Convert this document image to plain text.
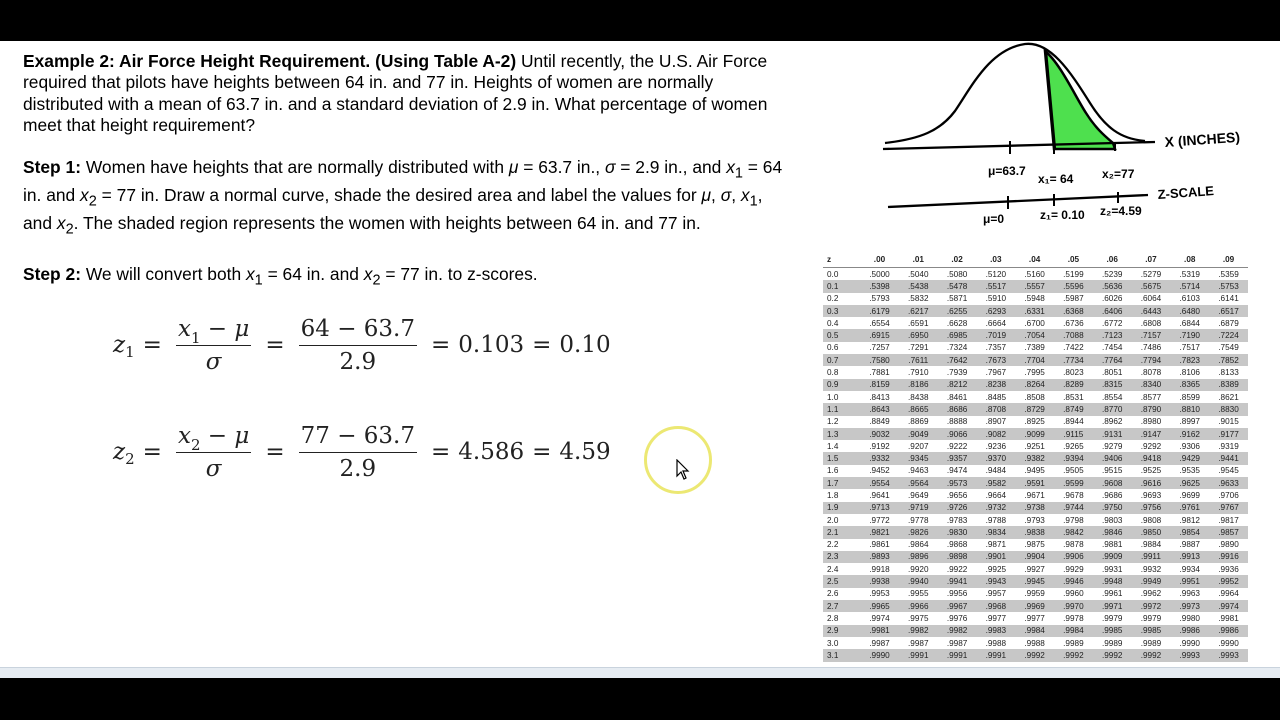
Example 2: Air Force Height Requirement. (Using Table A-2) Until recently, the U.S. Air Force required that pilots have heights between 64 in. and 77 in. Heights of women are normally distributed with a mean of 63.7 in. and a standard deviation of 2.9 in. What percentage of women meet that height requirement?

Step 1: Women have heights that are normally distributed with μ = 63.7 in., σ = 2.9 in., and $x_1 = 64$ in. and $x_2 = 77$ in. Draw a normal curve, shade the desired area and label the values for μ, σ, $x_1$, and $x_2$. The shaded region represents the women with heights between 64 in. and 77 in.

Step 2: We will convert both $x_1 = 64$ in. and $x_2 = 77$ in. to z-scores.

z $1 = \frac{x_1 - \mu}{\sigma} = \frac{64 - 63.7}{2.9} = 0.103 = 0.10$
z $2 = \frac{x_2 - \mu}{\sigma} = \frac{77 - 63.7}{2.9} = 4.586 = 4.59$
X (INCHES)
μ=63.7
x₁= 64 x₂=77
Z-SCALE
μ=0	z₁= 0.10 z₂=4.59
z	.00	.01	.02	.03	.04	.05	.06	.07	.08	.09
0.0	.5000	.5040	.5080	.5120	.5160	.5199	.5239	.5279	.5319	.5359
0.1	.5398	.5438	.5478	.5517	.5557	.5596	.5636	.5675	.5714	.5753
0.2	.5793	.5832	.5871	.5910	.5948	.5987	.6026	.6064	.6103	.6141
0.3	.6179	.6217	.6255	.6293	.6331	.6368	.6406	.6443	.6480	.6517
0.4	.6554	.6591	.6628	.6664	.6700	.6736	.6772	.6808	.6844	.6879
0.5	.6915	.6950	.6985	.7019	.7054	.7088	.7123	.7157	.7190	.7224
0.6	.7257	.7291	.7324	.7357	.7389	.7422	.7454	.7486	.7517	.7549
0.7	.7580	.7611	.7642	.7673	.7704	.7734	.7764	.7794	.7823	.7852
0.8	.7881	.7910	.7939	.7967	.7995	.8023	.8051	.8078	.8106	.8133
0.9	.8159	.8186	.8212	.8238	.8264	.8289	.8315	.8340	.8365	.8389
1.0	.8413	.8438	.8461	.8485	.8508	.8531	.8554	.8577	.8599	.8621
1.1	.8643	.8665	.8686	.8708	.8729	.8749	.8770	.8790	.8810	.8830
1.2	.8849	.8869	.8888	.8907	.8925	.8944	.8962	.8980	.8997	.9015
1.3	.9032	.9049	.9066	.9082	.9099	.9115	.9131	.9147	.9162	.9177
1.4	.9192	.9207	.9222	.9236	.9251	.9265	.9279	.9292	.9306	.9319
1.5	.9332	.9345	.9357	.9370	.9382	.9394	.9406	.9418	.9429	.9441
1.6	.9452	.9463	.9474	.9484	.9495	.9505	.9515	.9525	.9535	.9545
1.7	.9554	.9564	.9573	.9582	.9591	.9599	.9608	.9616	.9625	.9633
1.8	.9641	.9649	.9656	.9664	.9671	.9678	.9686	.9693	.9699	.9706
1.9	.9713	.9719	.9726	.9732	.9738	.9744	.9750	.9756	.9761	.9767
2.0	.9772	.9778	.9783	.9788	.9793	.9798	.9803	.9808	.9812	.9817
2.1	.9821	.9826	.9830	.9834	.9838	.9842	.9846	.9850	.9854	.9857
2.2	.9861	.9864	.9868	.9871	.9875	.9878	.9881	.9884	.9887	.9890
2.3	.9893	.9896	.9898	.9901	.9904	.9906	.9909	.9911	.9913	.9916
2.4	.9918	.9920	.9922	.9925	.9927	.9929	.9931	.9932	.9934	.9936
2.5	.9938	.9940	.9941	.9943	.9945	.9946	.9948	.9949	.9951	.9952
2.6	.9953	.9955	.9956	.9957	.9959	.9960	.9961	.9962	.9963	.9964
2.7	.9965	.9966	.9967	.9968	.9969	.9970	.9971	.9972	.9973	.9974
2.8	.9974	.9975	.9976	.9977	.9977	.9978	.9979	.9979	.9980	.9981
2.9	.9981	.9982	.9982	.9983	.9984	.9984	.9985	.9985	.9986	.9986
3.0	.9987	.9987	.9987	.9988	.9988	.9989	.9989	.9989	.9990	.9990
3.1	.9990	.9991	.9991	.9991	.9992	.9992	.9992	.9992	.9993	.9993
